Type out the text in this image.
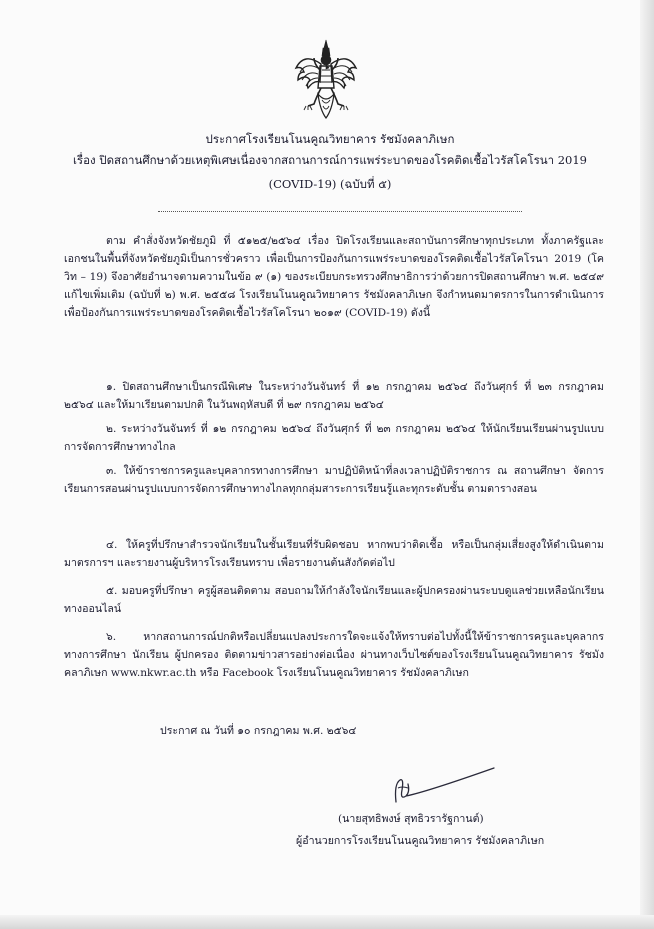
ประกาศโรงเรียนโนนคูณวิทยาคาร รัชมังคลาภิเษก
เรื่อง ปิดสถานศึกษาด้วยเหตุพิเศษเนื่องจากสถานการณ์การแพร่ระบาดของโรคติดเชื้อไวรัสโคโรนา 2019
(COVID-19) (ฉบับที่ ๕)
ตาม คำสั่งจังหวัดชัยภูมิ ที่ ๕๑๒๕/๒๕๖๔ เรื่อง ปิดโรงเรียนและสถาบันการศึกษาทุกประเภท ทั้งภาครัฐและเอกชนในพื้นที่จังหวัดชัยภูมิเป็นการชั่วคราว เพื่อเป็นการป้องกันการแพร่ระบาดของโรคติดเชื้อไวรัสโคโรนา 2019 (โควิท – 19) จึงอาศัยอำนาจตามความในข้อ ๙ (๑) ของระเบียบกระทรวงศึกษาธิการว่าด้วยการปิดสถานศึกษา พ.ศ. ๒๕๔๙ แก้ไขเพิ่มเติม (ฉบับที่ ๒) พ.ศ. ๒๕๕๘ โรงเรียนโนนคูณวิทยาคาร รัชมังคลาภิเษก จึงกำหนดมาตรการในการดำเนินการ เพื่อป้องกันการแพร่ระบาดของโรคติดเชื้อไวรัสโคโรนา ๒๐๑๙ (COVID-19) ดังนี้
๑. ปิดสถานศึกษาเป็นกรณีพิเศษ ในระหว่างวันจันทร์ ที่ ๑๒ กรกฎาคม ๒๕๖๔ ถึงวันศุกร์ ที่ ๒๓ กรกฎาคม ๒๕๖๔ และให้มาเรียนตามปกติ ในวันพฤหัสบดี ที่ ๒๙ กรกฎาคม ๒๕๖๔
๒. ระหว่างวันจันทร์ ที่ ๑๒ กรกฎาคม ๒๕๖๔ ถึงวันศุกร์ ที่ ๒๓ กรกฎาคม ๒๕๖๔ ให้นักเรียนเรียนผ่านรูปแบบการจัดการศึกษาทางไกล
๓. ให้ข้าราชการครูและบุคลากรทางการศึกษา มาปฏิบัติหน้าที่ลงเวลาปฏิบัติราชการ ณ สถานศึกษา จัดการเรียนการสอนผ่านรูปแบบการจัดการศึกษาทางไกลทุกกลุ่มสาระการเรียนรู้และทุกระดับชั้น ตามตารางสอน
๔. ให้ครูที่ปรึกษาสำรวจนักเรียนในชั้นเรียนที่รับผิดชอบ หากพบว่าติดเชื้อ หรือเป็นกลุ่มเสี่ยงสูงให้ดำเนินตามมาตรการฯ และรายงานผู้บริหารโรงเรียนทราบ เพื่อรายงานต้นสังกัดต่อไป
๕. มอบครูที่ปรึกษา ครูผู้สอนติดตาม สอบถามให้กำลังใจนักเรียนและผู้ปกครองผ่านระบบดูแลช่วยเหลือนักเรียนทางออนไลน์
๖. หากสถานการณ์ปกติหรือเปลี่ยนแปลงประการใดจะแจ้งให้ทราบต่อไปทั้งนี้ให้ข้าราชการครูและบุคลากรทางการศึกษา นักเรียน ผู้ปกครอง ติดตามข่าวสารอย่างต่อเนื่อง ผ่านทางเว็บไซต์ของโรงเรียนโนนคูณวิทยาคาร รัชมังคลาภิเษก www.nkwr.ac.th หรือ Facebook โรงเรียนโนนคูณวิทยาคาร รัชมังคลาภิเษก
ประกาศ ณ วันที่ ๑๐ กรกฎาคม พ.ศ. ๒๕๖๔
(นายสุทธิพงษ์ สุทธิวรารัฐกานต์)
ผู้อำนวยการโรงเรียนโนนคูณวิทยาคาร รัชมังคลาภิเษก
